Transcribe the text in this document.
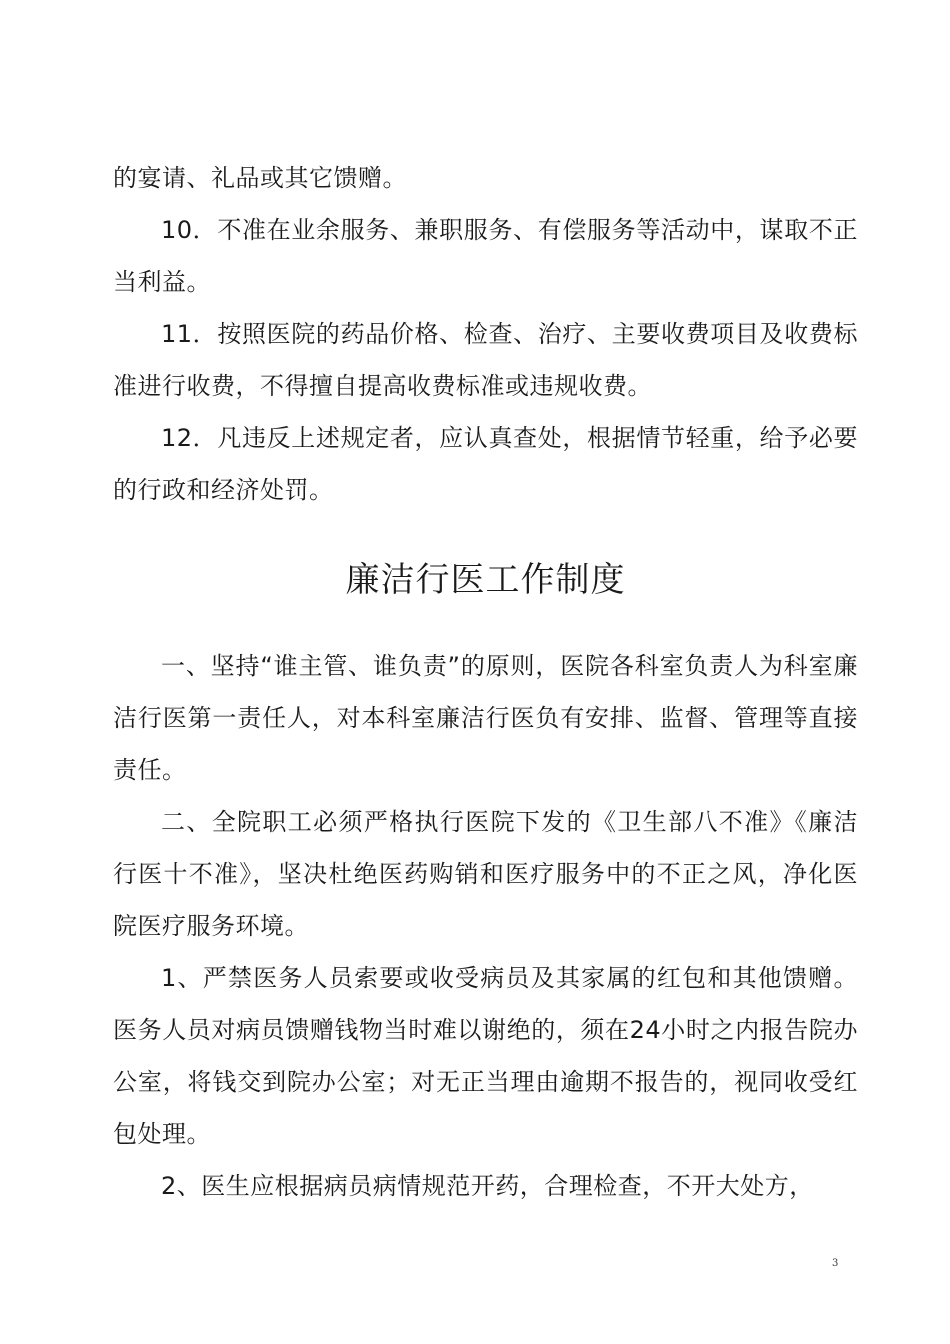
的宴请、礼品或其它馈赠。

10．不准在业余服务、兼职服务、有偿服务等活动中，谋取不正当利益。

11．按照医院的药品价格、检查、治疗、主要收费项目及收费标准进行收费，不得擅自提高收费标准或违规收费。

12．凡违反上述规定者，应认真查处，根据情节轻重，给予必要的行政和经济处罚。

廉洁行医工作制度

一、坚持“谁主管、谁负责”的原则，医院各科室负责人为科室廉洁行医第一责任人，对本科室廉洁行医负有安排、监督、管理等直接责任。

二、全院职工必须严格执行医院下发的《卫生部八不准》《廉洁行医十不准》，坚决杜绝医药购销和医疗服务中的不正之风，净化医院医疗服务环境。

1、严禁医务人员索要或收受病员及其家属的红包和其他馈赠。医务人员对病员馈赠钱物当时难以谢绝的，须在24小时之内报告院办公室，将钱交到院办公室；对无正当理由逾期不报告的，视同收受红包处理。

2、医生应根据病员病情规范开药，合理检查，不开大处方，

3
